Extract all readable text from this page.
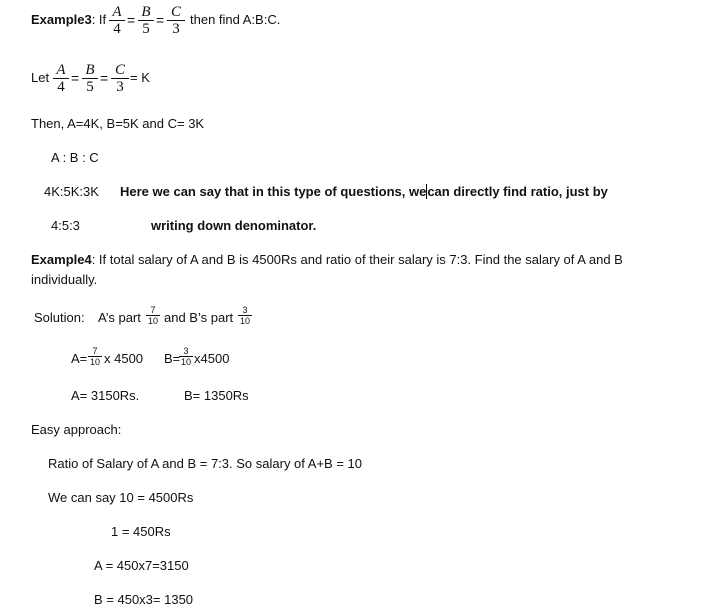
Example3: If $\frac{A}{4} = \frac{B}{5} = \frac{C}{3}$ then find A:B:C.
Let $\frac{A}{4} = \frac{B}{5} = \frac{C}{3} = K$
Then, A=4K, B=5K and C= 3K
A : B : C
4K:5K:3K Here we can say that in this type of questions, wecan directly find ratio, just by
4:5:3	writing down denominator.
Example4: If total salary of A and B is 4500Rs and ratio of their salary is 7:3. Find the salary of A and B
individually.
Solution: A’s part	7
10 and B’s part	3
10
A= 7
10 x 4500 B= 3
10 x4500
A= 3150Rs.	B= 1350Rs
Easy approach:
Ratio of Salary of A and B = 7:3. So salary of A+B = 10
We can say 10 = 4500Rs
1 = 450Rs
A = 450x7=3150
B = 450x3= 1350
